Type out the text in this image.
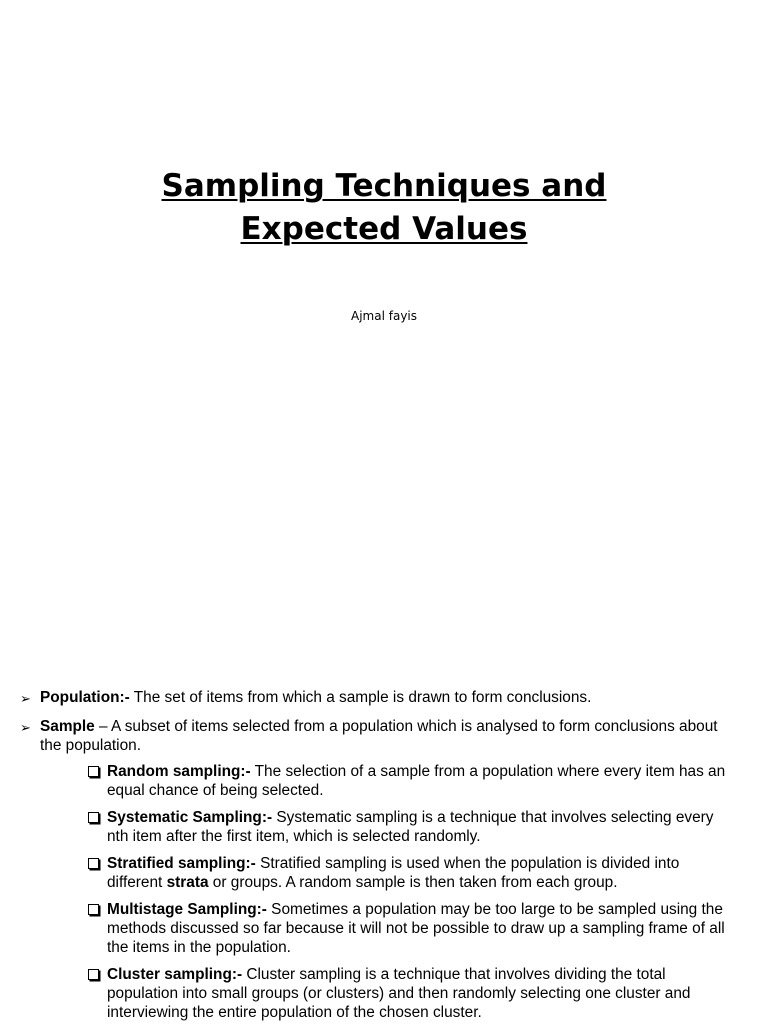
Sampling Techniques and
Expected Values

Ajmal fayis

➢ Population:- The set of items from which a sample is drawn to form conclusions.
➢ Sample – A subset of items selected from a population which is analysed to form conclusions about the population.
Random sampling:- The selection of a sample from a population where every item has an equal chance of being selected.
Systematic Sampling:- Systematic sampling is a technique that involves selecting every nth item after the first item, which is selected randomly.
Stratified sampling:- Stratified sampling is used when the population is divided into different strata or groups. A random sample is then taken from each group.
Multistage Sampling:- Sometimes a population may be too large to be sampled using the methods discussed so far because it will not be possible to draw up a sampling frame of all the items in the population.
Cluster sampling:- Cluster sampling is a technique that involves dividing the total population into small groups (or clusters) and then randomly selecting one cluster and interviewing the entire population of the chosen cluster.
